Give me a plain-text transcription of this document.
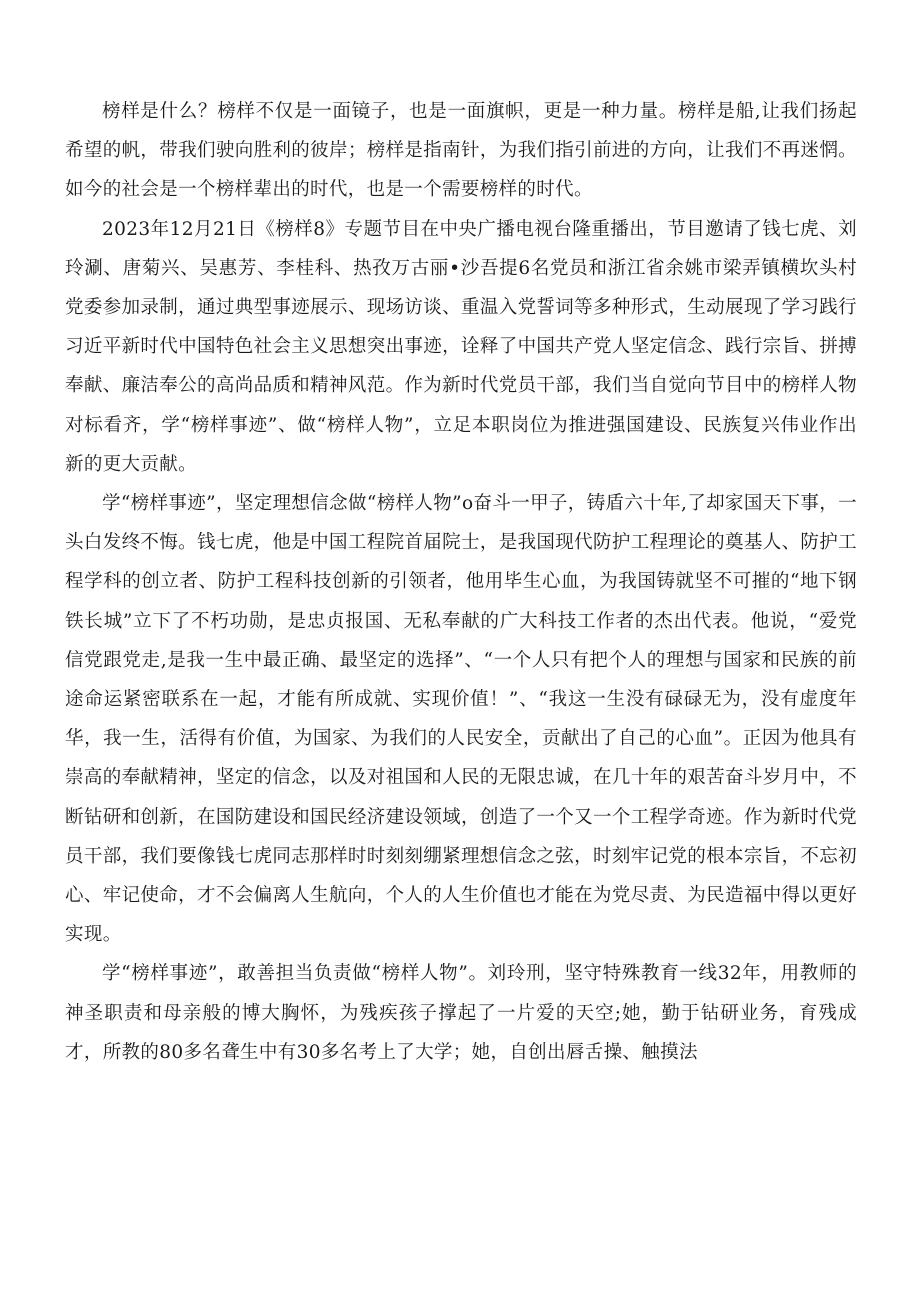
榜样是什么？榜样不仅是一面镜子，也是一面旗帜，更是一种力量。榜样是船,让我们扬起希望的帆，带我们驶向胜利的彼岸；榜样是指南针，为我们指引前进的方向，让我们不再迷惘。如今的社会是一个榜样辈出的时代，也是一个需要榜样的时代。

2023年12月21日《榜样8》专题节目在中央广播电视台隆重播出，节目邀请了钱七虎、刘玲涮、唐菊兴、吴惠芳、李桂科、热孜万古丽•沙吾提6名党员和浙江省余姚市梁弄镇横坎头村党委参加录制，通过典型事迹展示、现场访谈、重温入党誓词等多种形式，生动展现了学习践行习近平新时代中国特色社会主义思想突出事迹，诠释了中国共产党人坚定信念、践行宗旨、拼搏奉献、廉洁奉公的高尚品质和精神风范。作为新时代党员干部，我们当自觉向节目中的榜样人物对标看齐，学“榜样事迹”、做“榜样人物”，立足本职岗位为推进强国建设、民族复兴伟业作出新的更大贡献。

学“榜样事迹”，坚定理想信念做“榜样人物”o奋斗一甲子，铸盾六十年,了却家国天下事，一头白发终不悔。钱七虎，他是中国工程院首届院士，是我国现代防护工程理论的奠基人、防护工程学科的创立者、防护工程科技创新的引领者，他用毕生心血，为我国铸就坚不可摧的“地下钢铁长城”立下了不朽功勋，是忠贞报国、无私奉献的广大科技工作者的杰出代表。他说，“爱党信党跟党走,是我一生中最正确、最坚定的选择”、“一个人只有把个人的理想与国家和民族的前途命运紧密联系在一起，才能有所成就、实现价值！”、“我这一生没有碌碌无为，没有虚度年华，我一生，活得有价值，为国家、为我们的人民安全，贡献出了自己的心血”。正因为他具有崇高的奉献精神，坚定的信念，以及对祖国和人民的无限忠诚，在几十年的艰苦奋斗岁月中，不断钻研和创新，在国防建设和国民经济建设领域，创造了一个又一个工程学奇迹。作为新时代党员干部，我们要像钱七虎同志那样时时刻刻绷紧理想信念之弦，时刻牢记党的根本宗旨，不忘初心、牢记使命，才不会偏离人生航向，个人的人生价值也才能在为党尽责、为民造福中得以更好实现。

学“榜样事迹”，敢善担当负责做“榜样人物”。刘玲刑，坚守特殊教育一线32年，用教师的神圣职责和母亲般的博大胸怀，为残疾孩子撑起了一片爱的天空;她，勤于钻研业务，育残成才，所教的80多名聋生中有30多名考上了大学；她，自创出唇舌操、触摸法
